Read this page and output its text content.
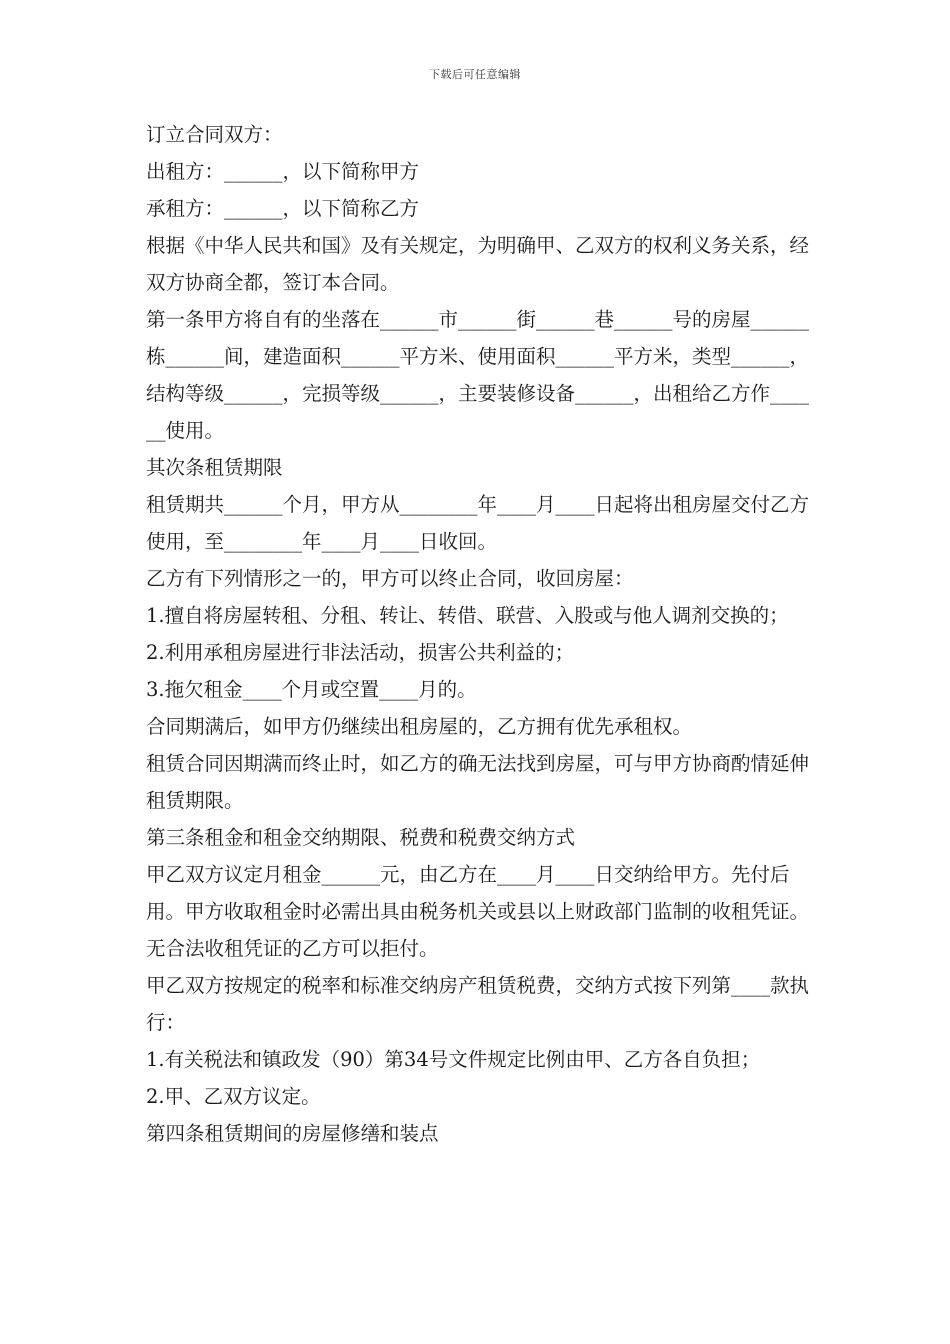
下载后可任意编辑

订立合同双方：

出租方：______，以下简称甲方

承租方：______，以下简称乙方

根据《中华人民共和国》及有关规定，为明确甲、乙双方的权利义务关系，经双方协商全都，签订本合同。

第一条甲方将自有的坐落在______市______街______巷______号的房屋______栋______间，建造面积______平方米、使用面积______平方米，类型______，结构等级______，完损等级______，主要装修设备______，出租给乙方作______使用。

其次条租赁期限

租赁期共______个月，甲方从________年____月____日起将出租房屋交付乙方使用，至________年____月____日收回。

乙方有下列情形之一的，甲方可以终止合同，收回房屋：

1.擅自将房屋转租、分租、转让、转借、联营、入股或与他人调剂交换的；

2.利用承租房屋进行非法活动，损害公共利益的；

3.拖欠租金____个月或空置____月的。

合同期满后，如甲方仍继续出租房屋的，乙方拥有优先承租权。

租赁合同因期满而终止时，如乙方的确无法找到房屋，可与甲方协商酌情延伸租赁期限。

第三条租金和租金交纳期限、税费和税费交纳方式

甲乙双方议定月租金______元，由乙方在____月____日交纳给甲方。先付后用。甲方收取租金时必需出具由税务机关或县以上财政部门监制的收租凭证。无合法收租凭证的乙方可以拒付。

甲乙双方按规定的税率和标准交纳房产租赁税费，交纳方式按下列第____款执行：

1.有关税法和镇政发（90）第34号文件规定比例由甲、乙方各自负担；

2.甲、乙双方议定。

第四条租赁期间的房屋修缮和装点
